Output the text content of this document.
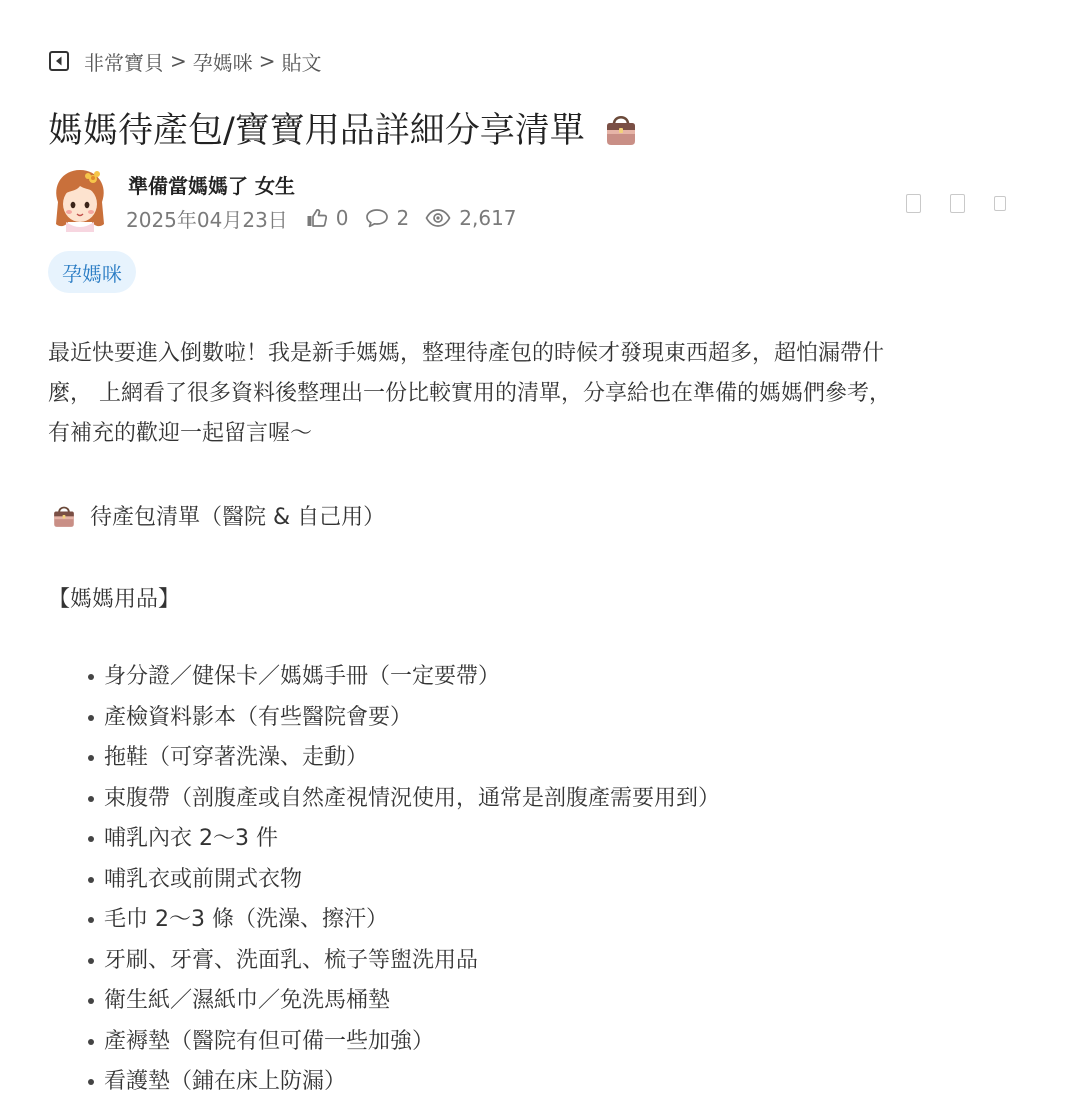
非常寶貝 > 孕媽咪 > 貼文
媽媽待產包/寶寶用品詳細分享清單
準備當媽媽了 女生
2025年04月23日 0 2	2,617
孕媽咪

最近快要進入倒數啦！我是新手媽媽，整理待產包的時候才發現東西超多，超怕漏帶什

麼， 上網看了很多資料後整理出一份比較實用的清單，分享給也在準備的媽媽們參考，

有補充的歡迎一起留言喔～

待產包清單（醫院 & 自己用）
【媽媽用品】
身分證／健保卡／媽媽手冊（一定要帶）
產檢資料影本（有些醫院會要）
拖鞋（可穿著洗澡、走動）
束腹帶（剖腹產或自然產視情況使用，通常是剖腹產需要用到）
哺乳內衣 2～3 件
哺乳衣或前開式衣物
毛巾 2～3 條（洗澡、擦汗）
牙刷、牙膏、洗面乳、梳子等盥洗用品
衛生紙／濕紙巾／免洗馬桶墊
產褥墊（醫院有但可備一些加強）
看護墊（鋪在床上防漏）
